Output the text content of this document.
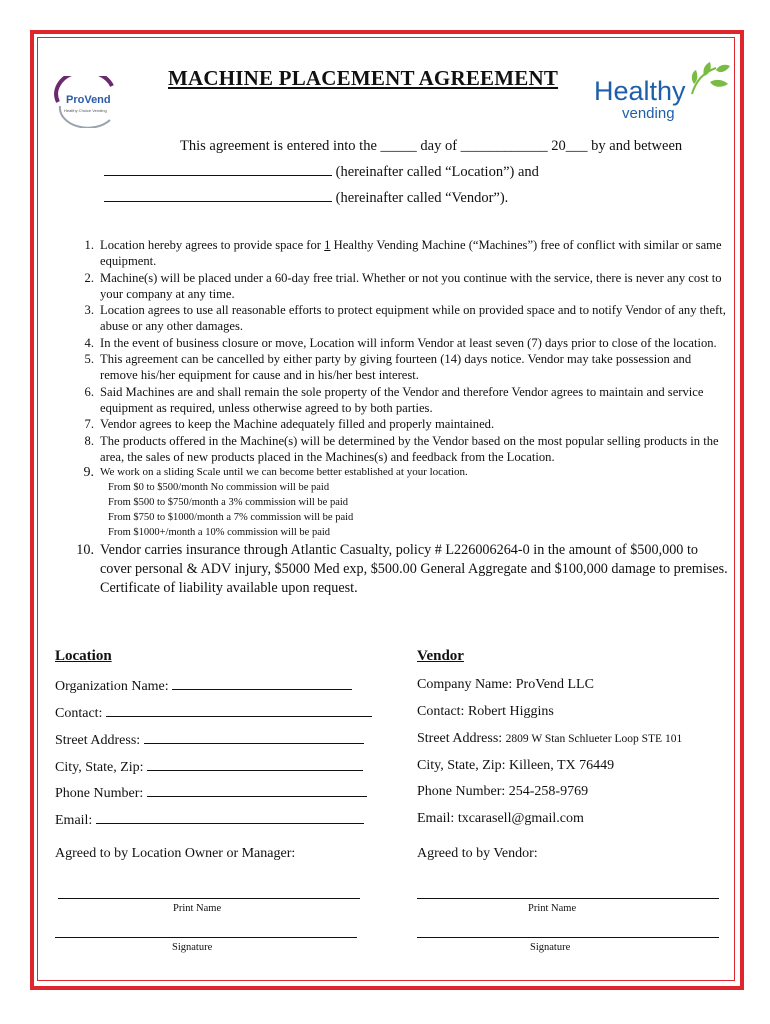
ProVend
Healthy Choice Vending
MACHINE PLACEMENT AGREEMENT Healthy
vending
This agreement is entered into the _____ day of ____________ 20___ by and between
(hereinafter called “Location”) and
(hereinafter called “Vendor”).
1. Location hereby agrees to provide space for 1 Healthy Vending Machine (“Machines”) free of conflict with similar or same equipment.
2. Machine(s) will be placed under a 60-day free trial. Whether or not you continue with the service, there is never any cost to your company at any time.
3. Location agrees to use all reasonable efforts to protect equipment while on provided space and to notify Vendor of any theft, abuse or any other damages.
4. In the event of business closure or move, Location will inform Vendor at least seven (7) days prior to close of the location.
5. This agreement can be cancelled by either party by giving fourteen (14) days notice. Vendor may take possession and remove his/her equipment for cause and in his/her best interest.
6. Said Machines are and shall remain the sole property of the Vendor and therefore Vendor agrees to maintain and service equipment as required, unless otherwise agreed to by both parties.
7. Vendor agrees to keep the Machine adequately filled and properly maintained.
8. The products offered in the Machine(s) will be determined by the Vendor based on the most popular selling products in the area, the sales of new products placed in the Machines(s) and feedback from the Location.
9. We work on a sliding Scale until we can become better established at your location.
From $0 to $500/month No commission will be paid
From $500 to $750/month a 3% commission will be paid
From $750 to $1000/month a 7% commission will be paid
From $1000+/month a 10% commission will be paid
10. Vendor carries insurance through Atlantic Casualty, policy # L226006264-0 in the amount of $500,000 to cover personal & ADV injury, $5000 Med exp, $500.00 General Aggregate and $100,000 damage to premises. Certificate of liability available upon request.
Location
Organization Name:
Contact:
Street Address:
City, State, Zip:
Phone Number:
Email:
Agreed to by Location Owner or Manager:
Print Name
Signature
Vendor
Company Name: ProVend LLC
Contact: Robert Higgins
Street Address: 2809 W Stan Schlueter Loop STE 101
City, State, Zip: Killeen, TX 76449
Phone Number: 254-258-9769
Email: txcarasell@gmail.com
Agreed to by Vendor:
Print Name
Signature
